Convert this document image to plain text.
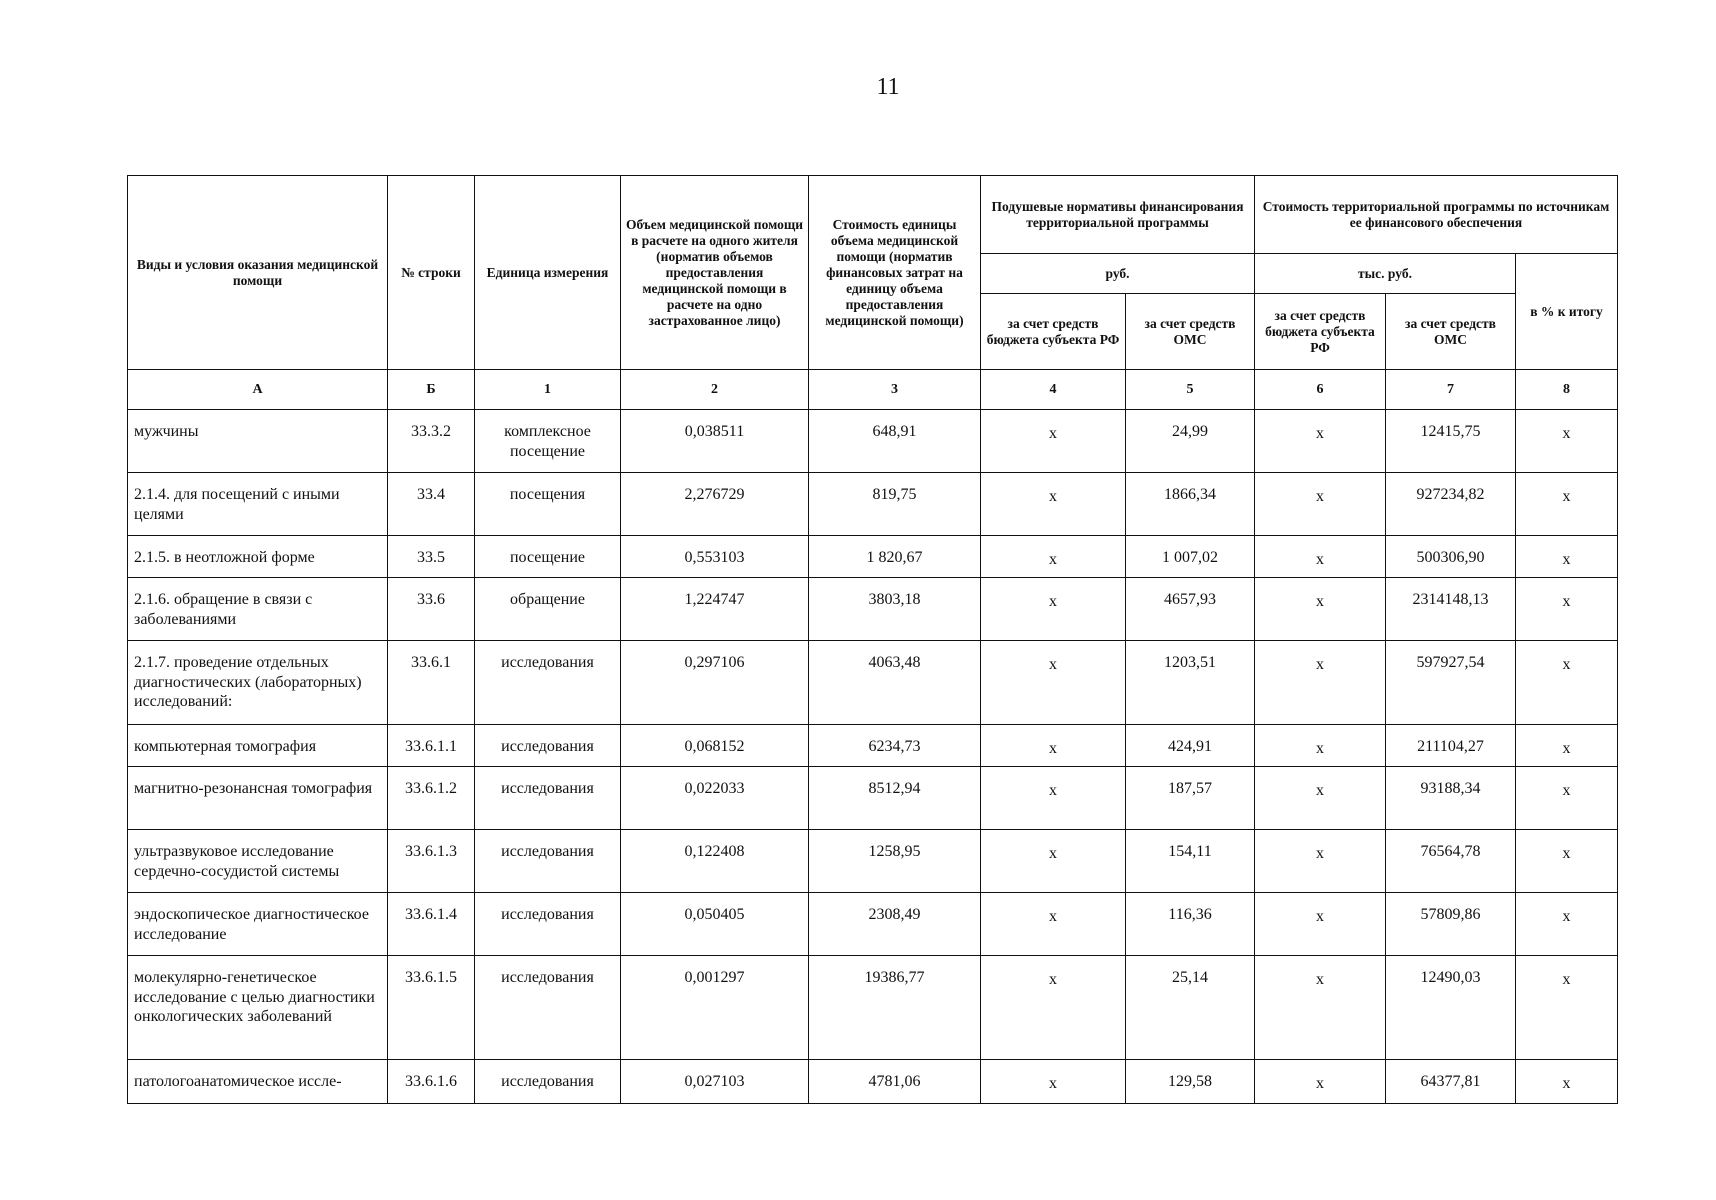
11
Виды и условия оказания медицинской помощи	№ строки	Единица измерения	Объем медицинской помощи в расчете на одного жителя (норматив объемов предоставления медицинской помощи в расчете на одно застрахованное лицо)	Стоимость единицы объема медицинской помощи (норматив финансовых затрат на единицу объема предоставления медицинской помощи)	Подушевые нормативы финансирования территориальной программы		Стоимость территориальной программы по источникам ее финансового обеспечения		
					руб.		тыс. руб.		в % к итогу
					за счет средств бюджета субъекта РФ	за счет средств ОМС	за счет средств бюджета субъекта РФ	за счет средств ОМС	
А	Б	1	2	3	4	5	6	7	8
мужчины	33.3.2	комплексное посещение	0,038511	648,91	х	24,99	х	12415,75	х
2.1.4. для посещений с иными целями	33.4	посещения	2,276729	819,75	х	1866,34	х	927234,82	х
2.1.5. в неотложной форме	33.5	посещение	0,553103	1 820,67	х	1 007,02	х	500306,90	х
2.1.6. обращение в связи с заболеваниями	33.6	обращение	1,224747	3803,18	х	4657,93	х	2314148,13	х
2.1.7. проведение отдельных диагностических (лабораторных) исследований:	33.6.1	исследования	0,297106	4063,48	х	1203,51	х	597927,54	х
компьютерная томография	33.6.1.1	исследования	0,068152	6234,73	х	424,91	х	211104,27	х
магнитно-резонансная томография	33.6.1.2	исследования	0,022033	8512,94	х	187,57	х	93188,34	х
ультразвуковое исследование сердечно-сосудистой системы	33.6.1.3	исследования	0,122408	1258,95	х	154,11	х	76564,78	х
эндоскопическое диагностическое исследование	33.6.1.4	исследования	0,050405	2308,49	х	116,36	х	57809,86	х
молекулярно-генетическое исследование с целью диагностики онкологических заболеваний	33.6.1.5	исследования	0,001297	19386,77	х	25,14	х	12490,03	х
патологоанатомическое иссле-	33.6.1.6	исследования	0,027103	4781,06	х	129,58	х	64377,81	х
